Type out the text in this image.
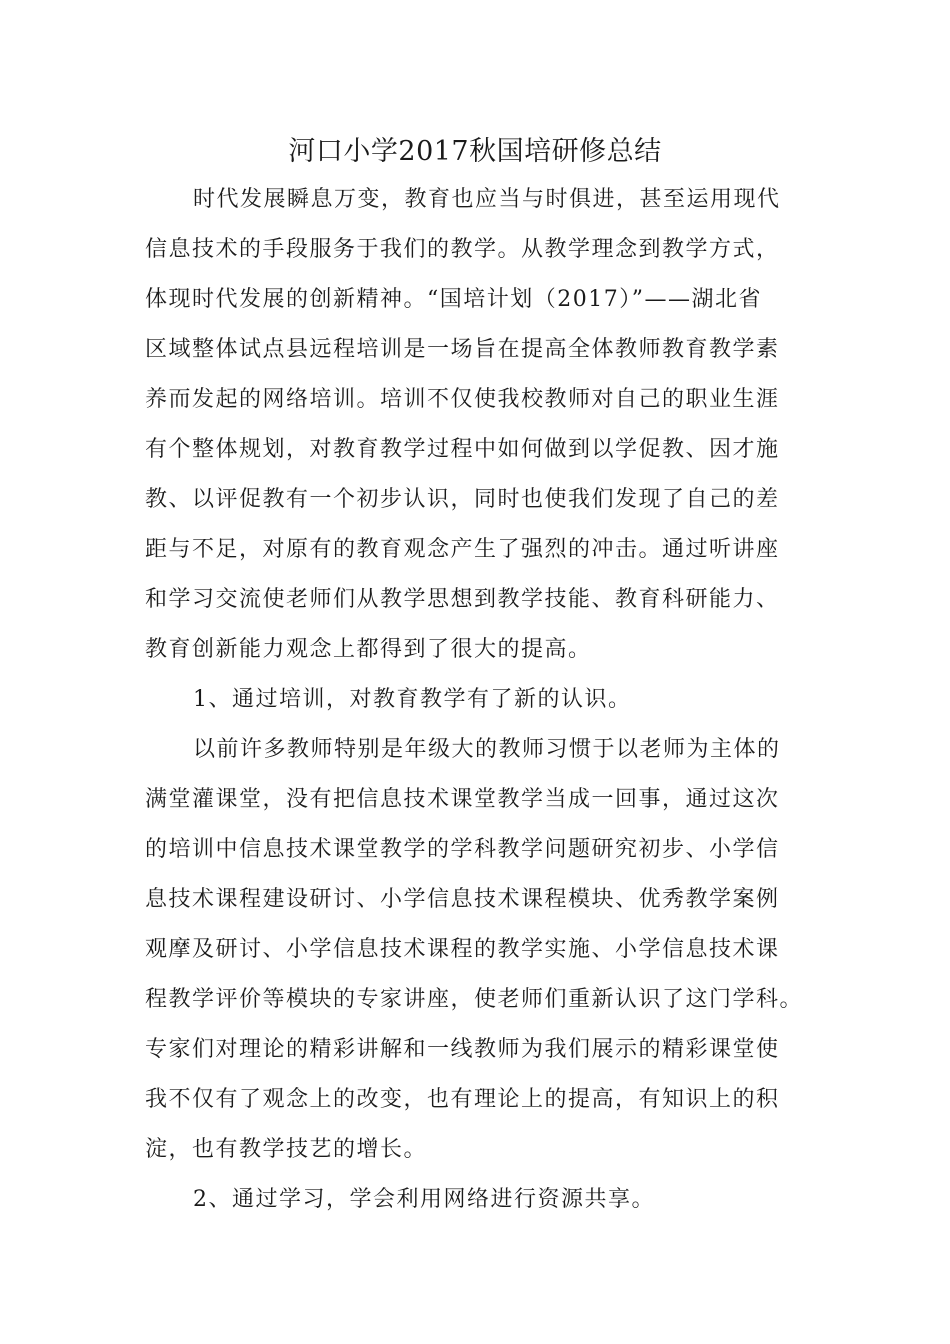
河口小学2017秋国培研修总结

时代发展瞬息万变，教育也应当与时俱进，甚至运用现代

信息技术的手段服务于我们的教学。从教学理念到教学方式，

体现时代发展的创新精神。“国培计划（2017）”——湖北省

区域整体试点县远程培训是一场旨在提高全体教师教育教学素

养而发起的网络培训。培训不仅使我校教师对自己的职业生涯

有个整体规划，对教育教学过程中如何做到以学促教、因才施

教、以评促教有一个初步认识，同时也使我们发现了自己的差

距与不足，对原有的教育观念产生了强烈的冲击。通过听讲座

和学习交流使老师们从教学思想到教学技能、教育科研能力、

教育创新能力观念上都得到了很大的提高。

1、通过培训，对教育教学有了新的认识。

以前许多教师特别是年级大的教师习惯于以老师为主体的

满堂灌课堂，没有把信息技术课堂教学当成一回事，通过这次

的培训中信息技术课堂教学的学科教学问题研究初步、小学信

息技术课程建设研讨、小学信息技术课程模块、优秀教学案例

观摩及研讨、小学信息技术课程的教学实施、小学信息技术课

程教学评价等模块的专家讲座，使老师们重新认识了这门学科。

专家们对理论的精彩讲解和一线教师为我们展示的精彩课堂使

我不仅有了观念上的改变，也有理论上的提高，有知识上的积

淀，也有教学技艺的增长。

2、通过学习，学会利用网络进行资源共享。
